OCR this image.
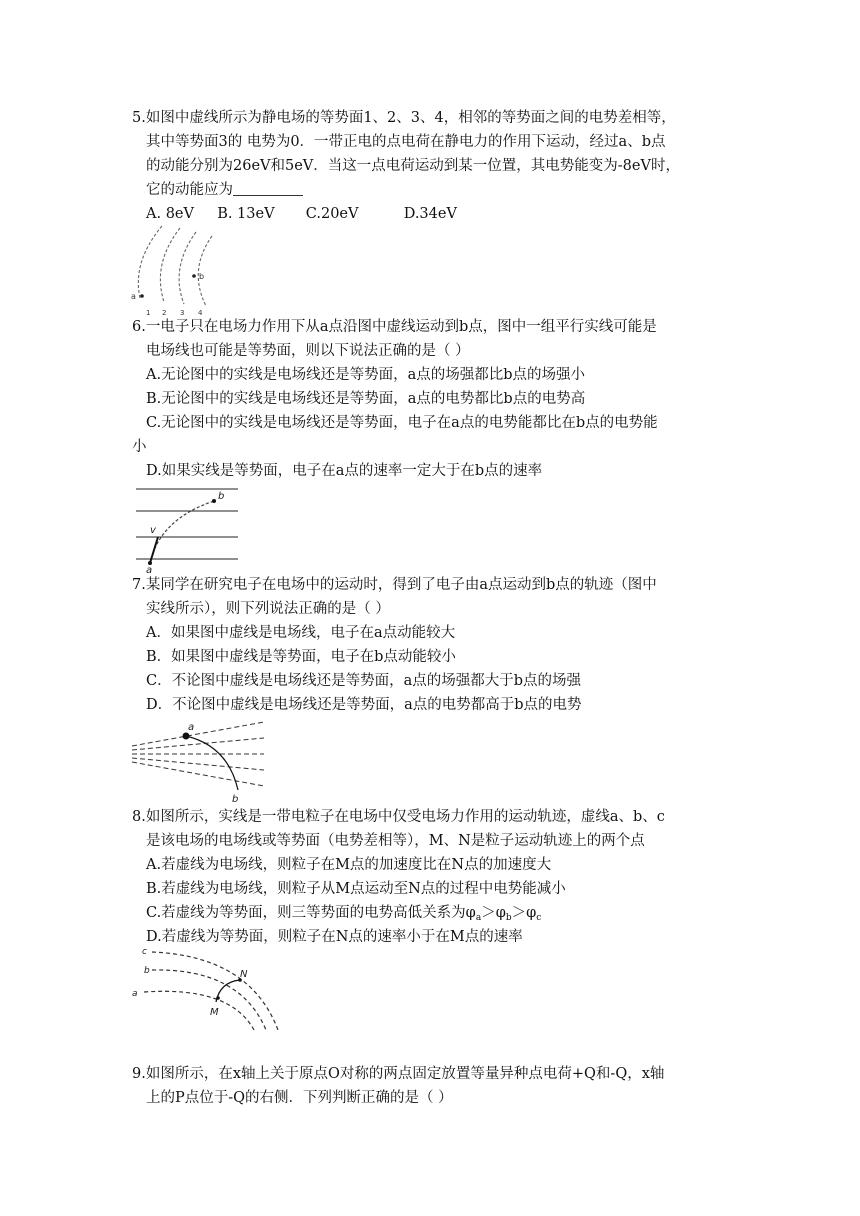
5.如图中虚线所示为静电场的等势面1、2、3、4，相邻的等势面之间的电势差相等，
其中等势面3的 电势为0．一带正电的点电荷在静电力的作用下运动，经过a、b点
的动能分别为26eV和5eV．当这一点电荷运动到某一位置，其电势能变为-8eV时，
它的动能应为
A. 8eV B. 13eV C.20eV	D.34eV
a
b
1 2 3 4
6.一电子只在电场力作用下从a点沿图中虚线运动到b点，图中一组平行实线可能是
电场线也可能是等势面，则以下说法正确的是（ ）
A.无论图中的实线是电场线还是等势面，a点的场强都比b点的场强小
B.无论图中的实线是电场线还是等势面，a点的电势都比b点的电势高
C.无论图中的实线是电场线还是等势面，电子在a点的电势能都比在b点的电势能
小
D.如果实线是等势面，电子在a点的速率一定大于在b点的速率
b
v
a
7.某同学在研究电子在电场中的运动时，得到了电子由a点运动到b点的轨迹（图中
实线所示），则下列说法正确的是（ ）
A．如果图中虚线是电场线，电子在a点动能较大
B．如果图中虚线是等势面，电子在b点动能较小
C．不论图中虚线是电场线还是等势面，a点的场强都大于b点的场强
D．不论图中虚线是电场线还是等势面，a点的电势都高于b点的电势
a
b
8.如图所示，实线是一带电粒子在电场中仅受电场力作用的运动轨迹，虚线a、b、c
是该电场的电场线或等势面（电势差相等），M、N是粒子运动轨迹上的两个点
A.若虚线为电场线，则粒子在M点的加速度比在N点的加速度大
B.若虚线为电场线，则粒子从M点运动至N点的过程中电势能减小
C.若虚线为等势面，则三等势面的电势高低关系为$\varphi_a>\varphi_b>\varphi_c$
D.若虚线为等势面，则粒子在N点的速率小于在M点的速率
c
b
a
N
M
9.如图所示，在x轴上关于原点O对称的两点固定放置等量异种点电荷+Q和-Q，x轴
上的P点位于-Q的右侧．下列判断正确的是（ ）
